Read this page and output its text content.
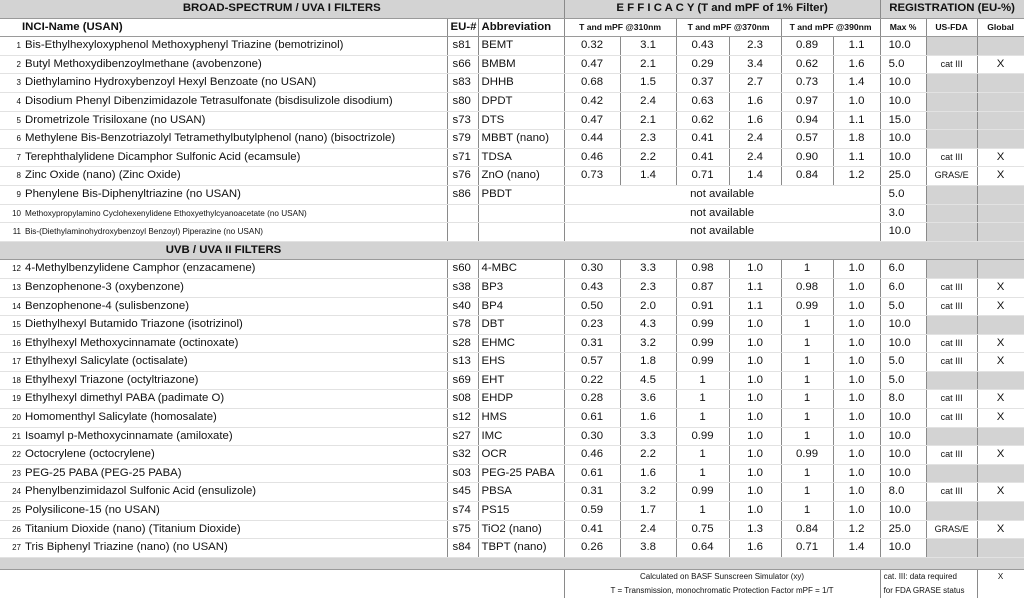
BROAD-SPECTRUM / UVA I FILTERS			E F F I C A C Y (T and mPF of 1% Filter)						REGISTRATION (EU-%)		
INCI-Name (USAN)	EU-#	Abbreviation	T and mPF @310nm		T and mPF @370nm		T and mPF @390nm		Max %	US-FDA	Global
1 Bis-Ethylhexyloxyphenol Methoxyphenyl Triazine (bemotrizinol)	s81	BEMT	0.32	3.1	0.43	2.3	0.89	1.1	10.0		
2 Butyl Methoxydibenzoylmethane (avobenzone)	s66	BMBM	0.47	2.1	0.29	3.4	0.62	1.6	5.0	cat III	X
3 Diethylamino Hydroxybenzoyl Hexyl Benzoate (no USAN)	s83	DHHB	0.68	1.5	0.37	2.7	0.73	1.4	10.0		
4 Disodium Phenyl Dibenzimidazole Tetrasulfonate (bisdisulizole disodium)	s80	DPDT	0.42	2.4	0.63	1.6	0.97	1.0	10.0		
5 Drometrizole Trisiloxane (no USAN)	s73	DTS	0.47	2.1	0.62	1.6	0.94	1.1	15.0		
6 Methylene Bis-Benzotriazolyl Tetramethylbutylphenol (nano) (bisoctrizole)	s79	MBBT (nano)	0.44	2.3	0.41	2.4	0.57	1.8	10.0		
7 Terephthalylidene Dicamphor Sulfonic Acid (ecamsule)	s71	TDSA	0.46	2.2	0.41	2.4	0.90	1.1	10.0	cat III	X
8 Zinc Oxide (nano) (Zinc Oxide)	s76	ZnO (nano)	0.73	1.4	0.71	1.4	0.84	1.2	25.0	GRAS/E	X
9 Phenylene Bis-Diphenyltriazine (no USAN)	s86	PBDT	not available						5.0		
10 Methoxypropylamino Cyclohexenylidene Ethoxyethylcyanoacetate (no USAN)			not available						3.0		
11 Bis-(Diethylaminohydroxybenzoyl Benzoyl) Piperazine (no USAN)			not available						10.0		
UVB / UVA II FILTERS											
12 4-Methylbenzylidene Camphor (enzacamene)	s60	4-MBC	0.30	3.3	0.98	1.0	1	1.0	6.0		
13 Benzophenone-3 (oxybenzone)	s38	BP3	0.43	2.3	0.87	1.1	0.98	1.0	6.0	cat III	X
14 Benzophenone-4 (sulisbenzone)	s40	BP4	0.50	2.0	0.91	1.1	0.99	1.0	5.0	cat III	X
15 Diethylhexyl Butamido Triazone (isotrizinol)	s78	DBT	0.23	4.3	0.99	1.0	1	1.0	10.0		
16 Ethylhexyl Methoxycinnamate (octinoxate)	s28	EHMC	0.31	3.2	0.99	1.0	1	1.0	10.0	cat III	X
17 Ethylhexyl Salicylate (octisalate)	s13	EHS	0.57	1.8	0.99	1.0	1	1.0	5.0	cat III	X
18 Ethylhexyl Triazone (octyltriazone)	s69	EHT	0.22	4.5	1	1.0	1	1.0	5.0		
19 Ethylhexyl dimethyl PABA (padimate O)	s08	EHDP	0.28	3.6	1	1.0	1	1.0	8.0	cat III	X
20 Homomenthyl Salicylate (homosalate)	s12	HMS	0.61	1.6	1	1.0	1	1.0	10.0	cat III	X
21 Isoamyl p-Methoxycinnamate (amiloxate)	s27	IMC	0.30	3.3	0.99	1.0	1	1.0	10.0		
22 Octocrylene (octocrylene)	s32	OCR	0.46	2.2	1	1.0	0.99	1.0	10.0	cat III	X
23 PEG-25 PABA (PEG-25 PABA)	s03	PEG-25 PABA	0.61	1.6	1	1.0	1	1.0	10.0		
24 Phenylbenzimidazol Sulfonic Acid (ensulizole)	s45	PBSA	0.31	3.2	0.99	1.0	1	1.0	8.0	cat III	X
25 Polysilicone-15 (no USAN)	s74	PS15	0.59	1.7	1	1.0	1	1.0	10.0		
26 Titanium Dioxide (nano) (Titanium Dioxide)	s75	TiO2 (nano)	0.41	2.4	0.75	1.3	0.84	1.2	25.0	GRAS/E	X
27 Tris Biphenyl Triazine (nano) (no USAN)	s84	TBPT (nano)	0.26	3.8	0.64	1.6	0.71	1.4	10.0		

			Calculated on BASF Sunscreen Simulator (xy)						cat. III: data required		X
			T = Transmission, monochromatic Protection Factor mPF = 1/T						for FDA GRASE status		
